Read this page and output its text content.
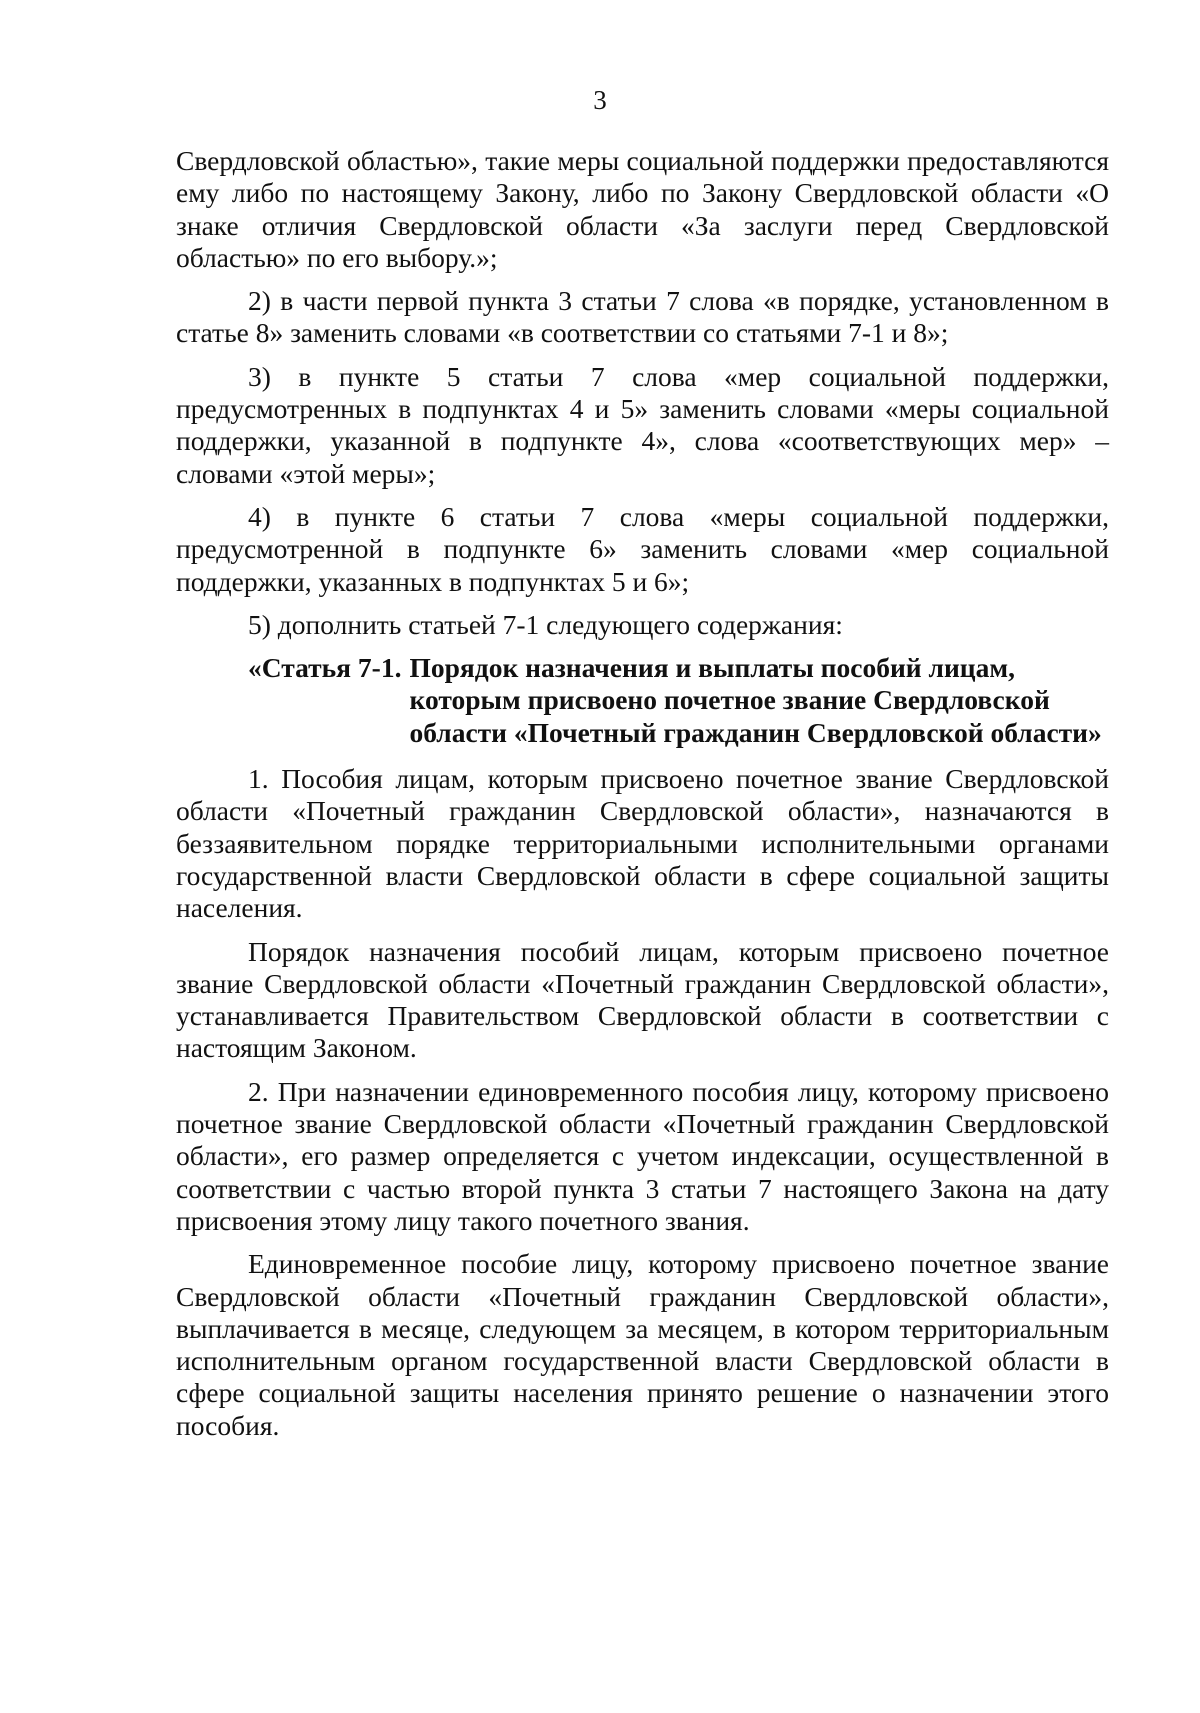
3

Свердловской областью», такие меры социальной поддержки предоставляются ему либо по настоящему Закону, либо по Закону Свердловской области «О знаке отличия Свердловской области «За заслуги перед Свердловской областью» по его выбору.»;

2) в части первой пункта 3 статьи 7 слова «в порядке, установленном в статье 8» заменить словами «в соответствии со статьями 7-1 и 8»;

3) в пункте 5 статьи 7 слова «мер социальной поддержки, предусмотренных в подпунктах 4 и 5» заменить словами «меры социальной поддержки, указанной в подпункте 4», слова «соответствующих мер» – словами «этой меры»;

4) в пункте 6 статьи 7 слова «меры социальной поддержки, предусмотренной в подпункте 6» заменить словами «мер социальной поддержки, указанных в подпунктах 5 и 6»;

5) дополнить статьей 7-1 следующего содержания:

«Статья 7-1. Порядок назначения и выплаты пособий лицам, которым присвоено почетное звание Свердловской области «Почетный гражданин Свердловской области»

1. Пособия лицам, которым присвоено почетное звание Свердловской области «Почетный гражданин Свердловской области», назначаются в беззаявительном порядке территориальными исполнительными органами государственной власти Свердловской области в сфере социальной защиты населения.

Порядок назначения пособий лицам, которым присвоено почетное звание Свердловской области «Почетный гражданин Свердловской области», устанавливается Правительством Свердловской области в соответствии с настоящим Законом.

2. При назначении единовременного пособия лицу, которому присвоено почетное звание Свердловской области «Почетный гражданин Свердловской области», его размер определяется с учетом индексации, осуществленной в соответствии с частью второй пункта 3 статьи 7 настоящего Закона на дату присвоения этому лицу такого почетного звания.

Единовременное пособие лицу, которому присвоено почетное звание Свердловской области «Почетный гражданин Свердловской области», выплачивается в месяце, следующем за месяцем, в котором территориальным исполнительным органом государственной власти Свердловской области в сфере социальной защиты населения принято решение о назначении этого пособия.
